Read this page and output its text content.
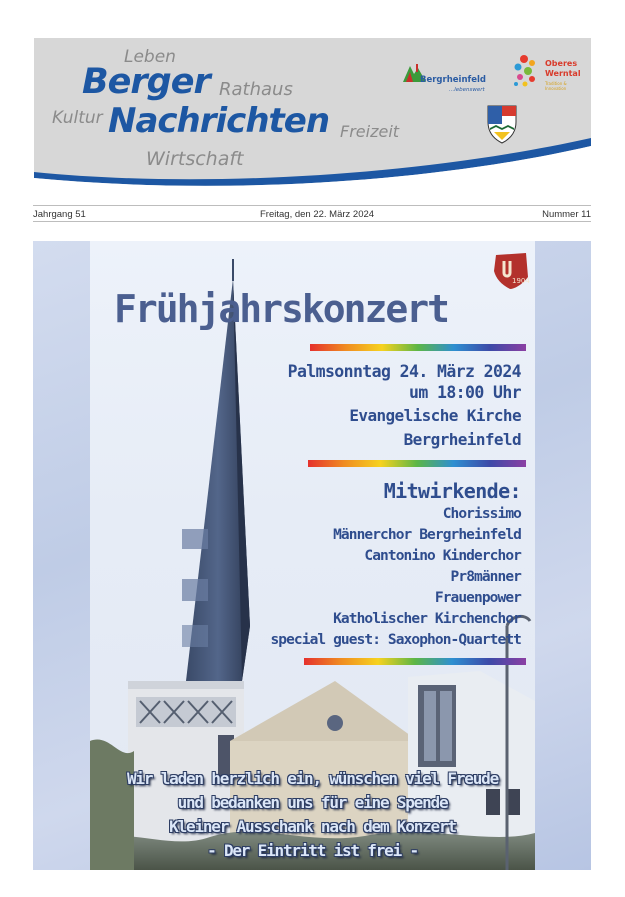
Leben
Berger Rathaus
Kultur Nachrichten Freizeit
Wirtschaft
Bergrheinfeld
...lebenswert
Oberes
Werntal
Tradition & Innovation
Jahrgang 51	Freitag, den 22. März 2024	Nummer 11
1904
Frühjahrskonzert
Palmsonntag 24. März 2024
um 18:00 Uhr
Evangelische Kirche
Bergrheinfeld
Mitwirkende:
Chorissimo
Männerchor Bergrheinfeld
Cantonino Kinderchor
Pr8männer
Frauenpower
Katholischer Kirchenchor
special guest: Saxophon-Quartett
Wir laden herzlich ein, wünschen viel Freude
und bedanken uns für eine Spende
Kleiner Ausschank nach dem Konzert
- Der Eintritt ist frei -
